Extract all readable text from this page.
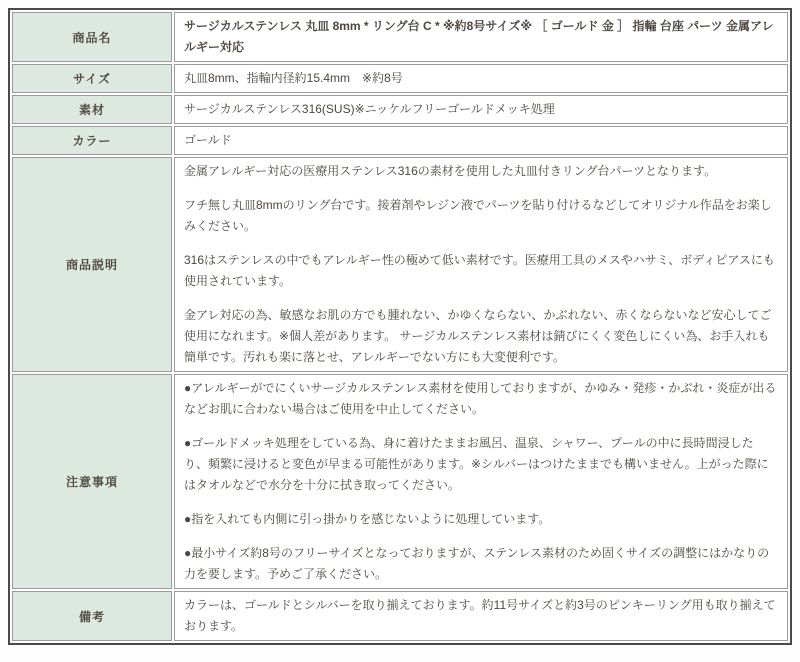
商品名	サージカルステンレス 丸皿 8mm * リング台 C * ※約8号サイズ※ ［ ゴールド 金 ］ 指輪 台座 パーツ 金属アレルギー対応
サイズ	丸皿8mm、指輪内径約15.4mm　※約8号
素材	サージカルステンレス316(SUS)※ニッケルフリーゴールドメッキ処理
カラー	ゴールド
商品説明	金属アレルギー対応の医療用ステンレス316の素材を使用した丸皿付きリング台パーツとなります。

フチ無し丸皿8mmのリング台です。接着剤やレジン液でパーツを貼り付けるなどしてオリジナル作品をお楽しみください。

316はステンレスの中でもアレルギー性の極めて低い素材です。医療用工具のメスやハサミ、ボディピアスにも使用されています。

金アレ対応の為、敏感なお肌の方でも腫れない、かゆくならない、かぶれない、赤くならないなど安心してご使用になれます。※個人差があります。 サージカルステンレス素材は錆びにくく変色しにくい為、お手入れも簡単です。汚れも楽に落とせ、アレルギーでない方にも大変便利です。

注意事項	●アレルギーがでにくいサージカルステンレス素材を使用しておりますが、かゆみ・発疹・かぶれ・炎症が出るなどお肌に合わない場合はご使用を中止してください。

●ゴールドメッキ処理をしている為、身に着けたままお風呂、温泉、シャワー、プールの中に長時間浸したり、頻繁に浸けると変色が早まる可能性があります。※シルバーはつけたままでも構いません。上がった際にはタオルなどで水分を十分に拭き取ってください。

●指を入れても内側に引っ掛かりを感じないように処理しています。

●最小サイズ約8号のフリーサイズとなっておりますが、ステンレス素材のため固くサイズの調整にはかなりの力を要します。予めご了承ください。

備考	カラーは、ゴールドとシルバーを取り揃えております。約11号サイズと約3号のピンキーリング用も取り揃えております。
